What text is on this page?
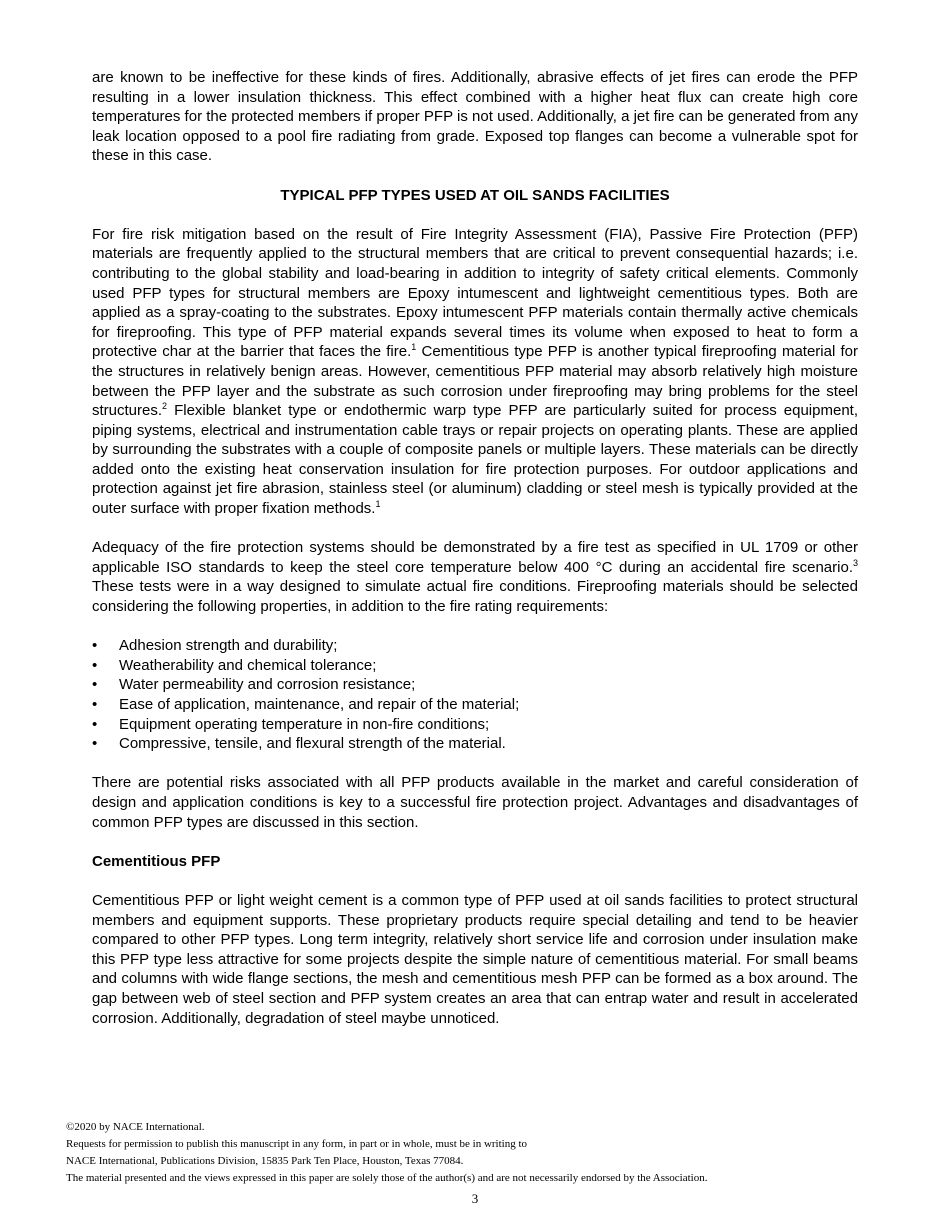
are known to be ineffective for these kinds of fires. Additionally, abrasive effects of jet fires can erode the PFP resulting in a lower insulation thickness. This effect combined with a higher heat flux can create high core temperatures for the protected members if proper PFP is not used. Additionally, a jet fire can be generated from any leak location opposed to a pool fire radiating from grade. Exposed top flanges can become a vulnerable spot for these in this case.

TYPICAL PFP TYPES USED AT OIL SANDS FACILITIES

For fire risk mitigation based on the result of Fire Integrity Assessment (FIA), Passive Fire Protection (PFP) materials are frequently applied to the structural members that are critical to prevent consequential hazards; i.e. contributing to the global stability and load-bearing in addition to integrity of safety critical elements. Commonly used PFP types for structural members are Epoxy intumescent and lightweight cementitious types. Both are applied as a spray-coating to the substrates. Epoxy intumescent PFP materials contain thermally active chemicals for fireproofing. This type of PFP material expands several times its volume when exposed to heat to form a protective char at the barrier that faces the fire.$^1$ Cementitious type PFP is another typical fireproofing material for the structures in relatively benign areas. However, cementitious PFP material may absorb relatively high moisture between the PFP layer and the substrate as such corrosion under fireproofing may bring problems for the steel structures.$^2$ Flexible blanket type or endothermic warp type PFP are particularly suited for process equipment, piping systems, electrical and instrumentation cable trays or repair projects on operating plants. These are applied by surrounding the substrates with a couple of composite panels or multiple layers. These materials can be directly added onto the existing heat conservation insulation for fire protection purposes. For outdoor applications and protection against jet fire abrasion, stainless steel (or aluminum) cladding or steel mesh is typically provided at the outer surface with proper fixation methods.$^1$

Adequacy of the fire protection systems should be demonstrated by a fire test as specified in UL 1709 or other applicable ISO standards to keep the steel core temperature below 400 °C during an accidental fire scenario.$^3$ These tests were in a way designed to simulate actual fire conditions. Fireproofing materials should be selected considering the following properties, in addition to the fire rating requirements:

• Adhesion strength and durability;
• Weatherability and chemical tolerance;
• Water permeability and corrosion resistance;
• Ease of application, maintenance, and repair of the material;
• Equipment operating temperature in non-fire conditions;
• Compressive, tensile, and flexural strength of the material.

There are potential risks associated with all PFP products available in the market and careful consideration of design and application conditions is key to a successful fire protection project. Advantages and disadvantages of common PFP types are discussed in this section.

Cementitious PFP

Cementitious PFP or light weight cement is a common type of PFP used at oil sands facilities to protect structural members and equipment supports. These proprietary products require special detailing and tend to be heavier compared to other PFP types. Long term integrity, relatively short service life and corrosion under insulation make this PFP type less attractive for some projects despite the simple nature of cementitious material. For small beams and columns with wide flange sections, the mesh and cementitious mesh PFP can be formed as a box around. The gap between web of steel section and PFP system creates an area that can entrap water and result in accelerated corrosion. Additionally, degradation of steel maybe unnoticed.

©2020 by NACE International.
Requests for permission to publish this manuscript in any form, in part or in whole, must be in writing to
NACE International, Publications Division, 15835 Park Ten Place, Houston, Texas 77084.
The material presented and the views expressed in this paper are solely those of the author(s) and are not necessarily endorsed by the Association.
3
